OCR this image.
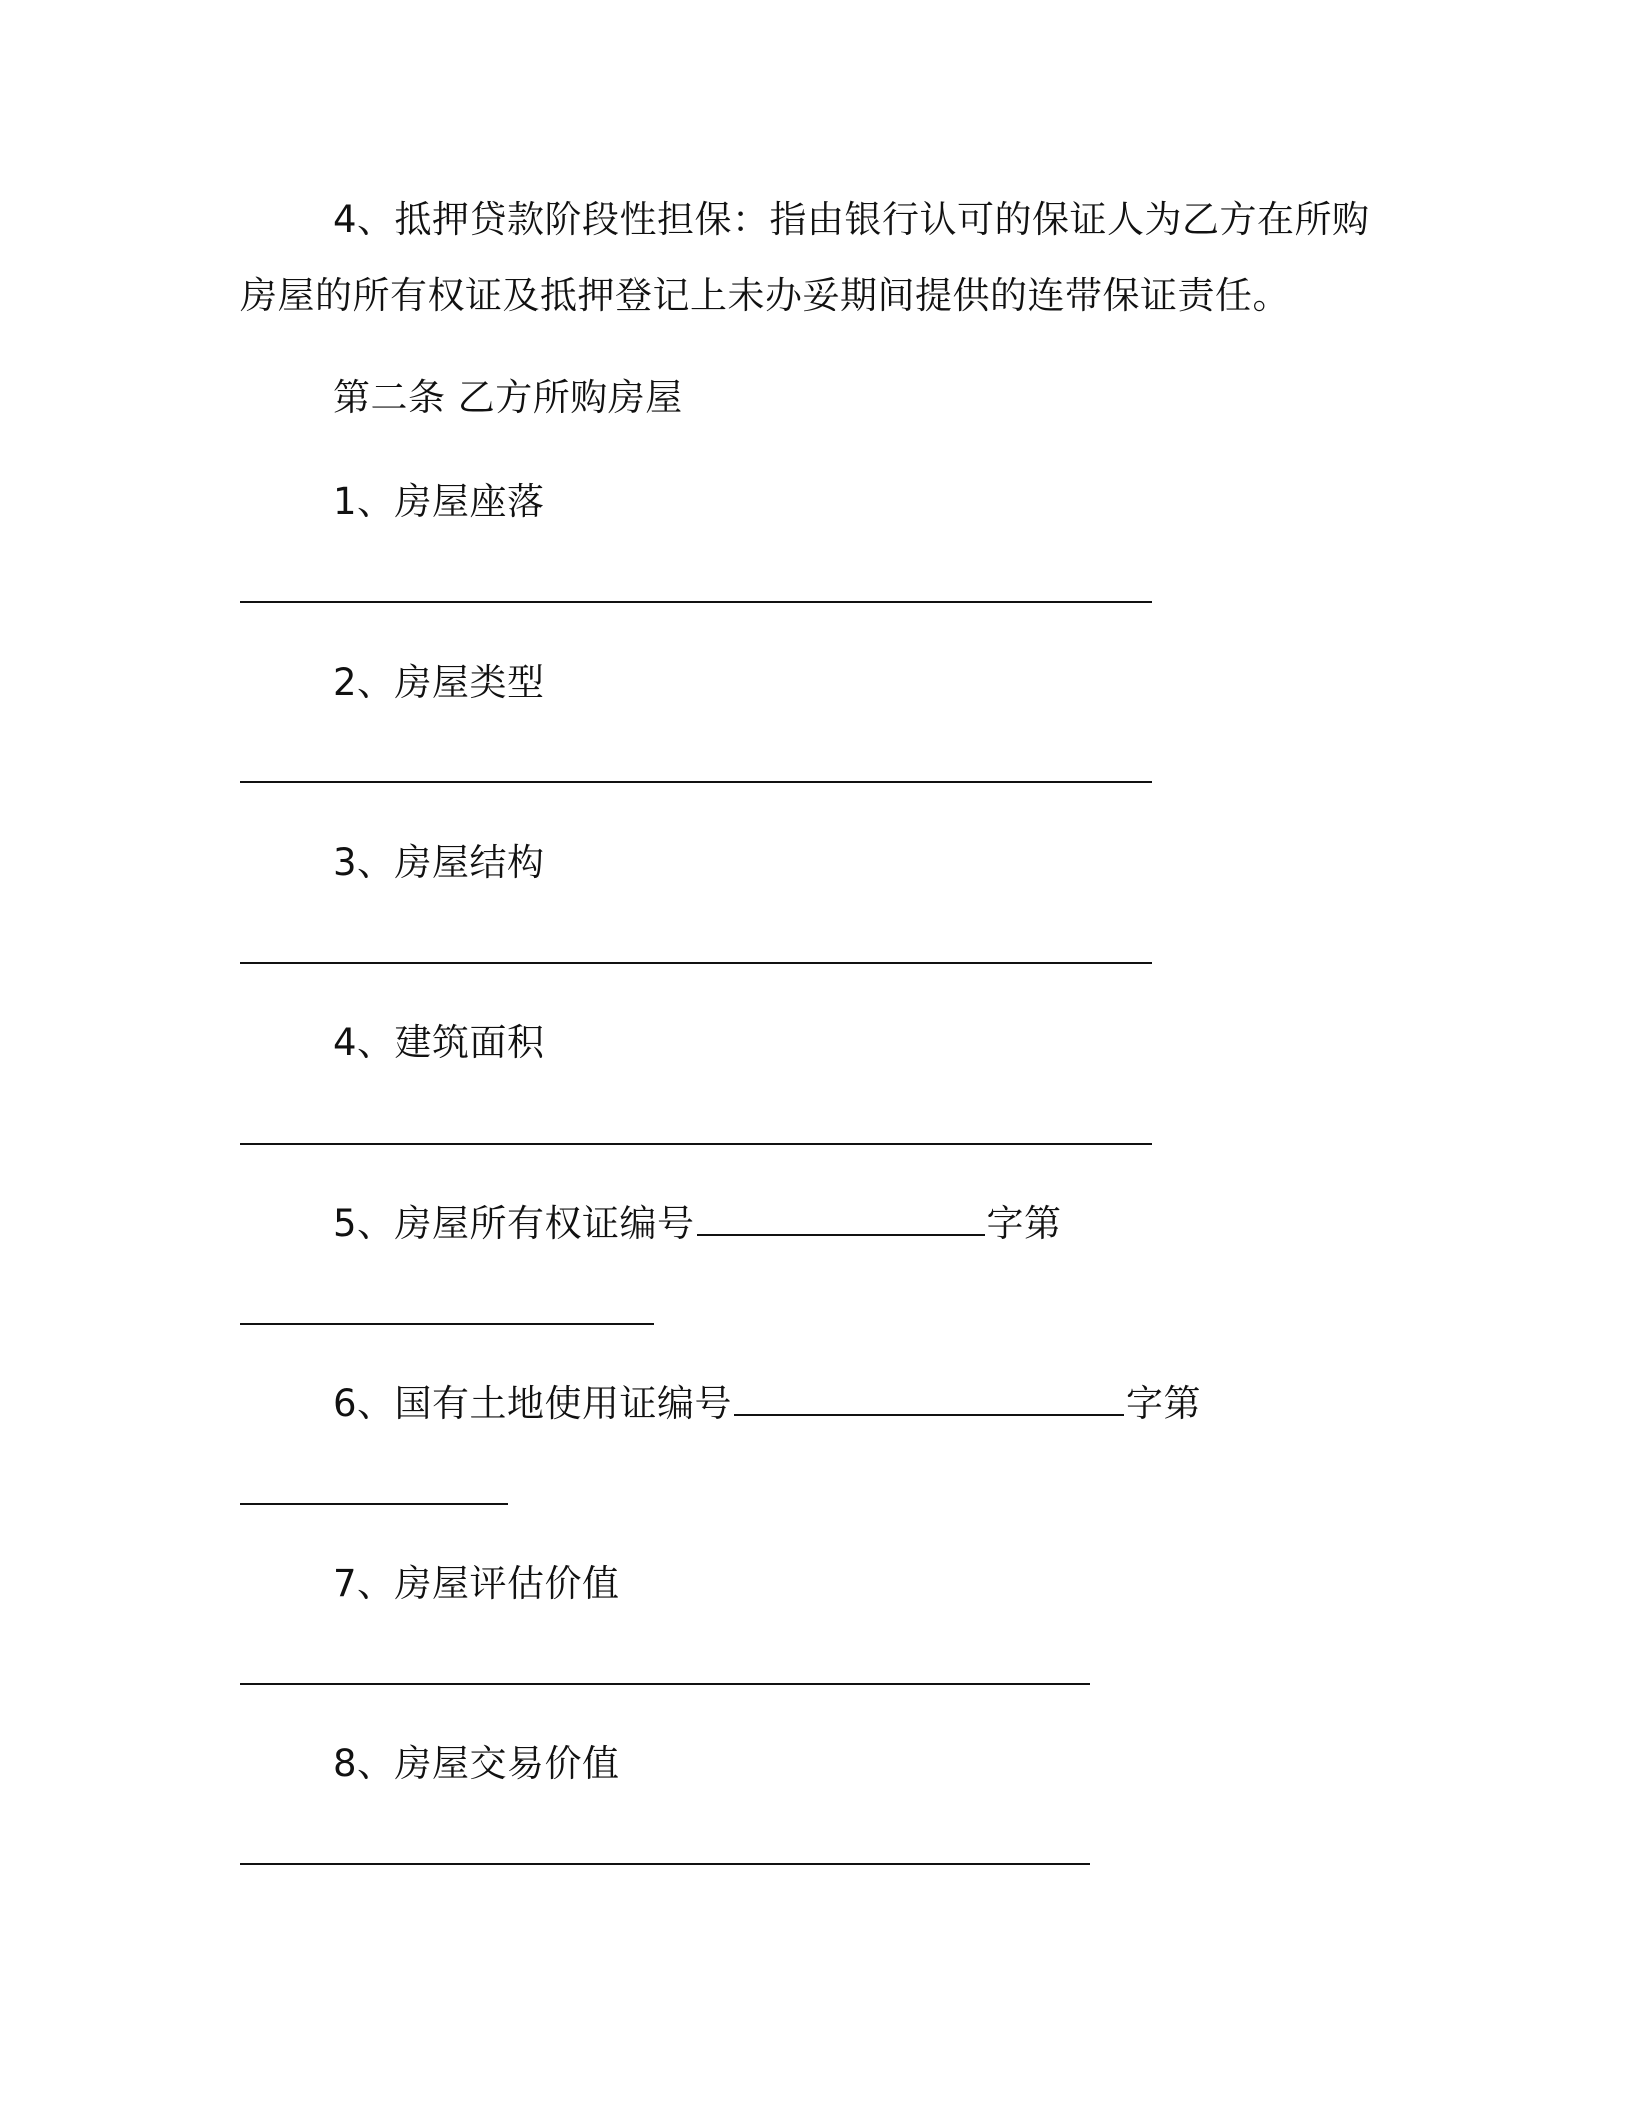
4、抵押贷款阶段性担保：指由银行认可的保证人为乙方在所购
房屋的所有权证及抵押登记上未办妥期间提供的连带保证责任。
第二条 乙方所购房屋
1、房屋座落
2、房屋类型
3、房屋结构
4、建筑面积
5、房屋所有权证编号	字第
6、国有土地使用证编号	字第
7、房屋评估价值
8、房屋交易价值
